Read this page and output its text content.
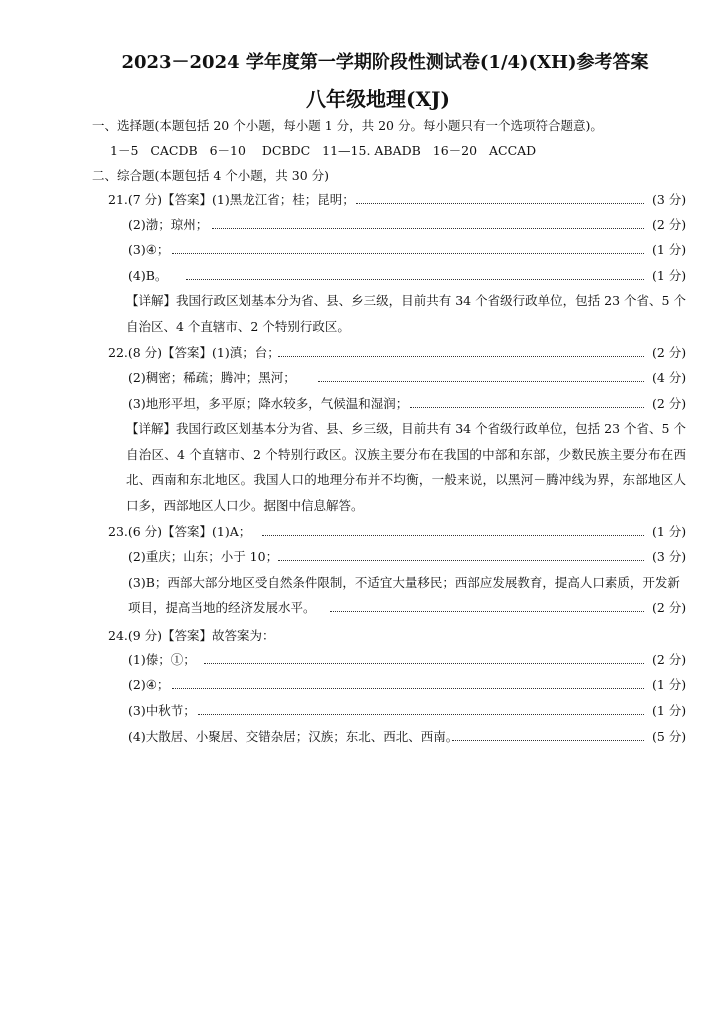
2023－2024 学年度第一学期阶段性测试卷(1/4)(XH)参考答案
八年级地理(XJ)
一、选择题(本题包括 20 个小题，每小题 1 分，共 20 分。每小题只有一个选项符合题意)。
1－5   CACDB   6－10    DCBDC   11—15. ABADB   16－20   ACCAD
二、综合题(本题包括 4 个小题，共 30 分)
21.(7 分)【答案】(1)黑龙江省；桂；昆明；	(3 分)
(2)渤；琼州；	(2 分)
(3)④；	(1 分)
(4)B。	(1 分)
【详解】我国行政区划基本分为省、县、乡三级，目前共有 34 个省级行政单位，包括 23 个省、5 个自治区、4 个直辖市、2 个特别行政区。
22.(8 分)【答案】(1)滇；台；	(2 分)
(2)稠密；稀疏；腾冲；黑河；	(4 分)
(3)地形平坦，多平原；降水较多，气候温和湿润；	(2 分)
【详解】我国行政区划基本分为省、县、乡三级，目前共有 34 个省级行政单位，包括 23 个省、5 个自治区、4 个直辖市、2 个特别行政区。汉族主要分布在我国的中部和东部，少数民族主要分布在西北、西南和东北地区。我国人口的地理分布并不均衡，一般来说，以黑河－腾冲线为界，东部地区人口多，西部地区人口少。据图中信息解答。
23.(6 分)【答案】(1)A；	(1 分)
(2)重庆；山东；小于 10；	(3 分)
(3)B；西部大部分地区受自然条件限制，不适宜大量移民；西部应发展教育，提高人口素质，开发新
项目，提高当地的经济发展水平。	(2 分)
24.(9 分)【答案】故答案为：
(1)傣；①；	(2 分)
(2)④；	(1 分)
(3)中秋节；	(1 分)
(4)大散居、小聚居、交错杂居；汉族；东北、西北、西南。	(5 分)
